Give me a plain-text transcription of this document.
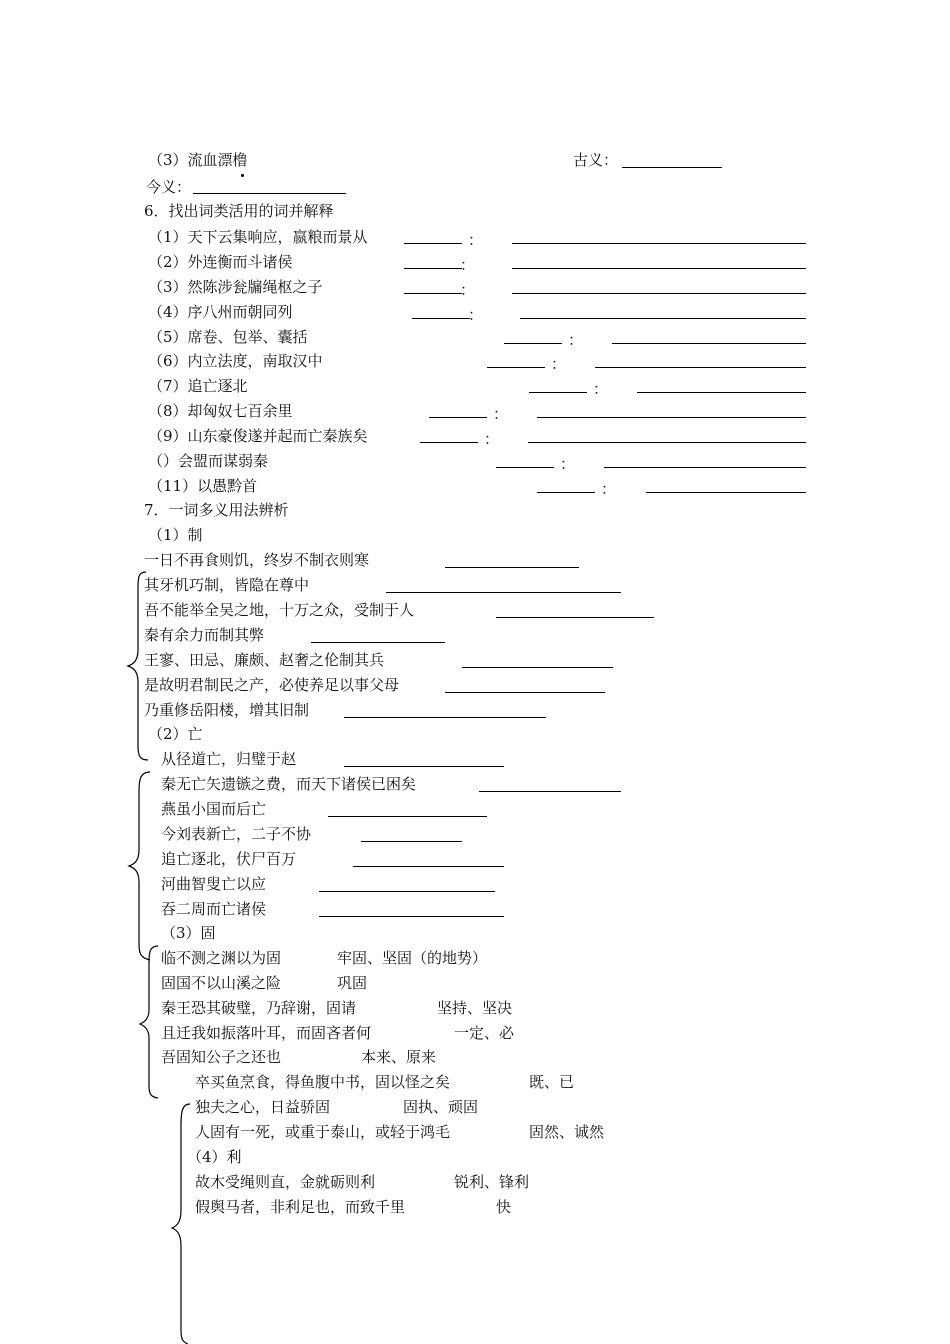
（3）流血漂橹	古义：
今义：
6．找出词类活用的词并解释
（1）天下云集响应，嬴粮而景从	：
（2）外连衡而斗诸侯	：
（3）然陈涉瓮牖绳枢之子	：
（4）序八州而朝同列	：
（5）席卷、包举、囊括	：
（6）内立法度，南取汉中	：
（7）追亡逐北	：
（8）却匈奴七百余里	：
（9）山东豪俊遂并起而亡秦族矣	：
（）会盟而谋弱秦	：
（11）以愚黔首	：
7．一词多义用法辨析
（1）制
一日不再食则饥，终岁不制衣则寒
其牙机巧制，皆隐在尊中
吾不能举全吴之地，十万之众，受制于人
秦有余力而制其弊
王寥、田忌、廉颇、赵奢之伦制其兵
是故明君制民之产，必使养足以事父母
乃重修岳阳楼，增其旧制
（2）亡
从径道亡，归璧于赵
秦无亡矢遗镞之费，而天下诸侯已困矣
燕虽小国而后亡
今刘表新亡，二子不协
追亡逐北，伏尸百万
河曲智叟亡以应
吞二周而亡诸侯
（3）固
临不测之渊以为固	牢固、坚固（的地势）
固国不以山溪之险	巩固
秦王恐其破璧，乃辞谢，固请	坚持、坚决
且迁我如振落叶耳，而固吝者何	一定、必
吾固知公子之还也	本来、原来
卒买鱼烹食，得鱼腹中书，固以怪之矣	既、已
独夫之心，日益骄固	固执、顽固
人固有一死，或重于泰山，或轻于鸿毛	固然、诚然
（4）利
故木受绳则直，金就砺则利	锐利、锋利
假舆马者，非利足也，而致千里	快
